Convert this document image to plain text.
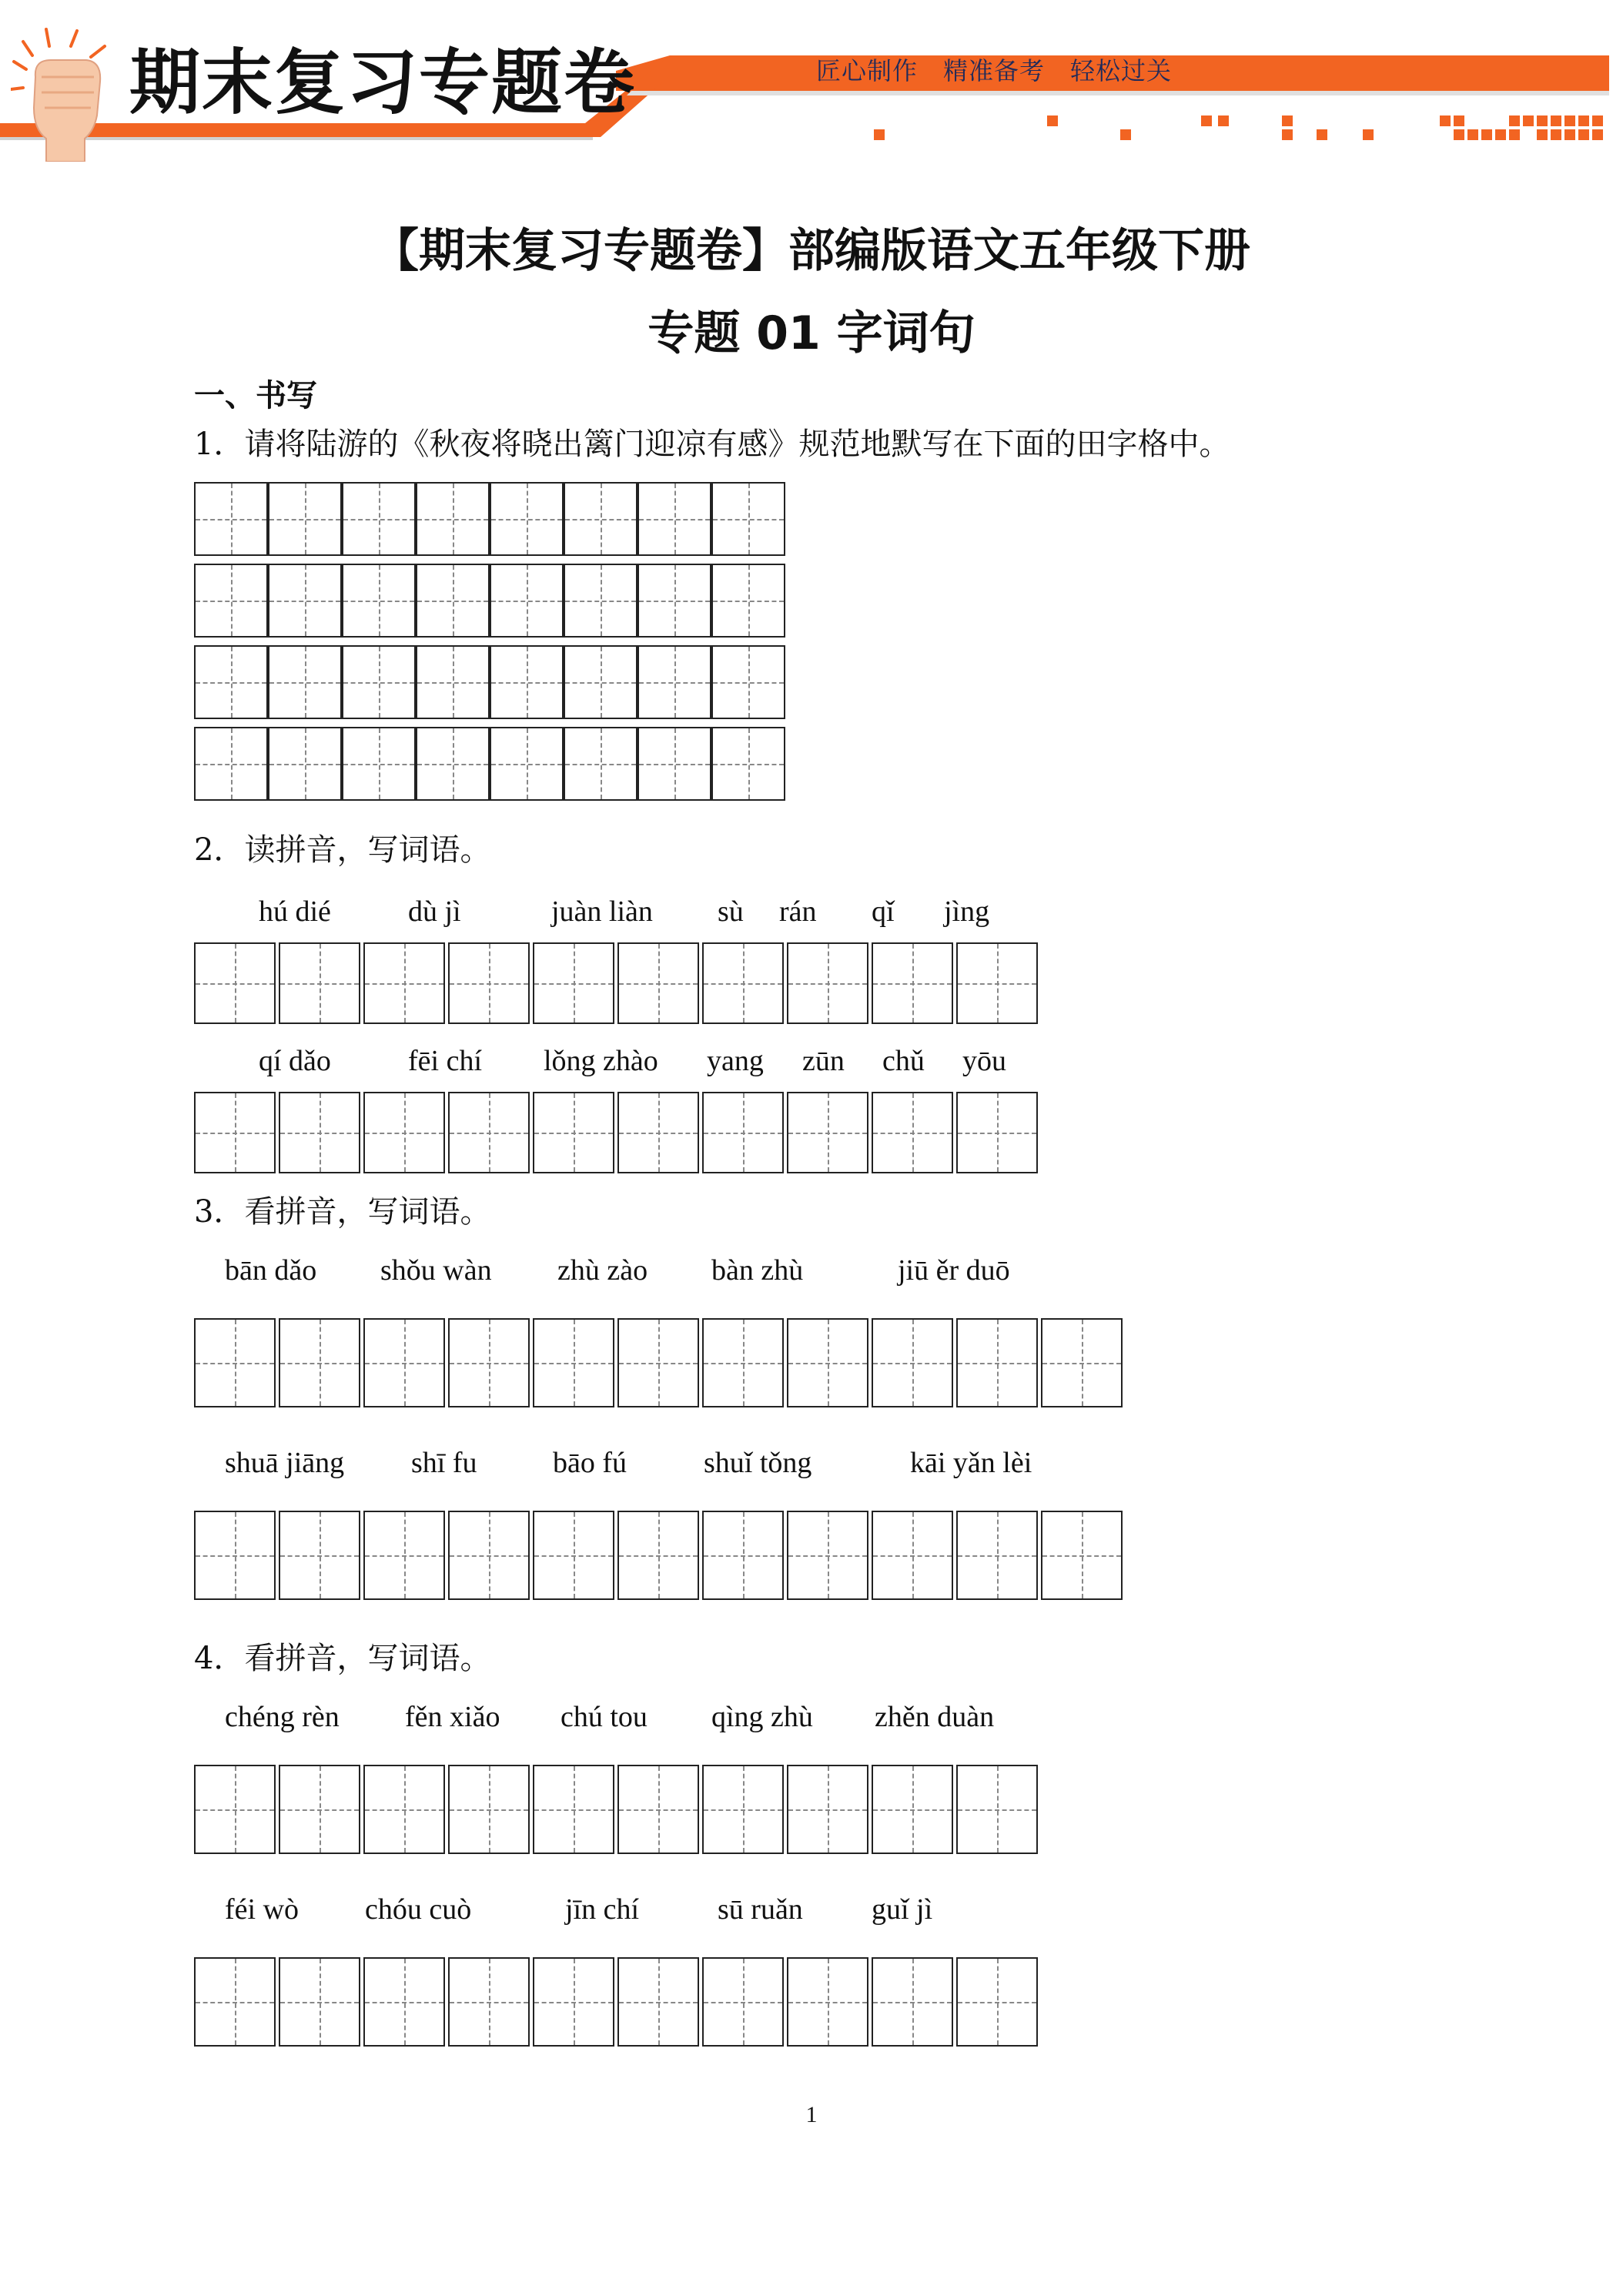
期末复习专题卷	匠心制作　精准备考　轻松过关
【期末复习专题卷】部编版语文五年级下册
专题 01 字词句
一、书写
1．请将陆游的《秋夜将晓出篱门迎凉有感》规范地默写在下面的田字格中。
2．读拼音，写词语。
hú dié	dù jì	juàn liàn sù rán qǐ jìng
qí dǎo	fēi chí lǒng zhào yang zūn chǔ yōu
3．看拼音，写词语。
bān dǎo shǒu wàn zhù zào bàn zhù	jiū ěr duō
shuā jiāng shī fu	bāo fú	shuǐ tǒng	kāi yǎn lèi
4．看拼音，写词语。
chéng rèn fěn xiǎo chú tou qìng zhù zhěn duàn
féi wò chóu cuò	jīn chí	sū ruǎn guǐ jì
1
